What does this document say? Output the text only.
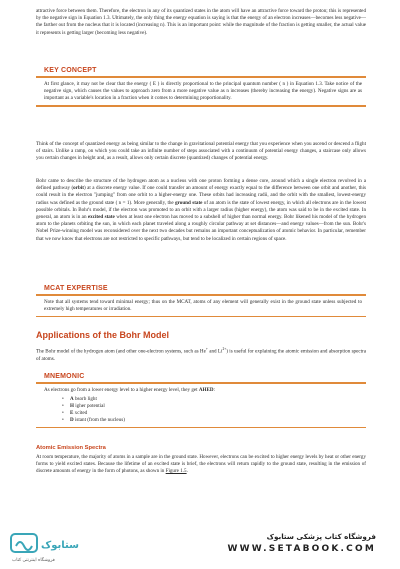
attractive force between them. Therefore, the electron in any of its quantized states in the atom will have an attractive force toward the proton; this is represented by the negative sign in Equation 1.3. Ultimately, the only thing the energy equation is saying is that the energy of an electron increases—becomes less negative—the farther out from the nucleus that it is located (increasing n). This is an important point: while the magnitude of the fraction is getting smaller, the actual value it represents is getting larger (becoming less negative).

KEY CONCEPT

At first glance, it may not be clear that the energy ( E ) is directly proportional to the principal quantum number ( n ) in Equation 1.3. Take notice of the negative sign, which causes the values to approach zero from a more negative value as n increases (thereby increasing the energy). Negative signs are as important as a variable's location in a fraction when it comes to determining proportionality.

Think of the concept of quantized energy as being similar to the change in gravitational potential energy that you experience when you ascend or descend a flight of stairs. Unlike a ramp, on which you could take an infinite number of steps associated with a continuum of potential energy changes, a staircase only allows you certain changes in height and, as a result, allows only certain discrete (quantized) changes of potential energy.

Bohr came to describe the structure of the hydrogen atom as a nucleus with one proton forming a dense core, around which a single electron revolved in a defined pathway (orbit) at a discrete energy value. If one could transfer an amount of energy exactly equal to the difference between one orbit and another, this could result in the electron "jumping" from one orbit to a higher-energy one. These orbits had increasing radii, and the orbit with the smallest, lowest-energy radius was defined as the ground state ( n = 1). More generally, the ground state of an atom is the state of lowest energy, in which all electrons are in the lowest possible orbitals. In Bohr's model, if the electron was promoted to an orbit with a larger radius (higher energy), the atom was said to be in the excited state. In general, an atom is in an excited state when at least one electron has moved to a subshell of higher than normal energy. Bohr likened his model of the hydrogen atom to the planets orbiting the sun, in which each planet traveled along a roughly circular pathway at set distances—and energy values—from the sun. Bohr's Nobel Prize-winning model was reconsidered over the next two decades but remains an important conceptualization of atomic behavior. In particular, remember that we now know that electrons are not restricted to specific pathways, but tend to be localized in certain regions of space.

MCAT EXPERTISE

Note that all systems tend toward minimal energy; thus on the MCAT, atoms of any element will generally exist in the ground state unless subjected to extremely high temperatures or irradiation.

Applications of the Bohr Model

The Bohr model of the hydrogen atom (and other one-electron systems, such as He+ and $Li^{2+}$) is useful for explaining the atomic emission and absorption spectra of atoms.

MNEMONIC

As electrons go from a lower energy level to a higher energy level, they get AHED:

• A bsorb light
• H igher potential
• E xcited
• D istant (from the nucleus)
Atomic Emission Spectra

At room temperature, the majority of atoms in a sample are in the ground state. However, electrons can be excited to higher energy levels by heat or other energy forms to yield excited states. Because the lifetime of an excited state is brief, the electrons will return rapidly to the ground state, resulting in the emission of discrete amounts of energy in the form of photons, as shown in Figure 1.5.

ستابوک
فروشگاه اینترنتی کتاب
فروشگاه کتاب پزشکی ستابوک
WWW.SETABOOK.COM
